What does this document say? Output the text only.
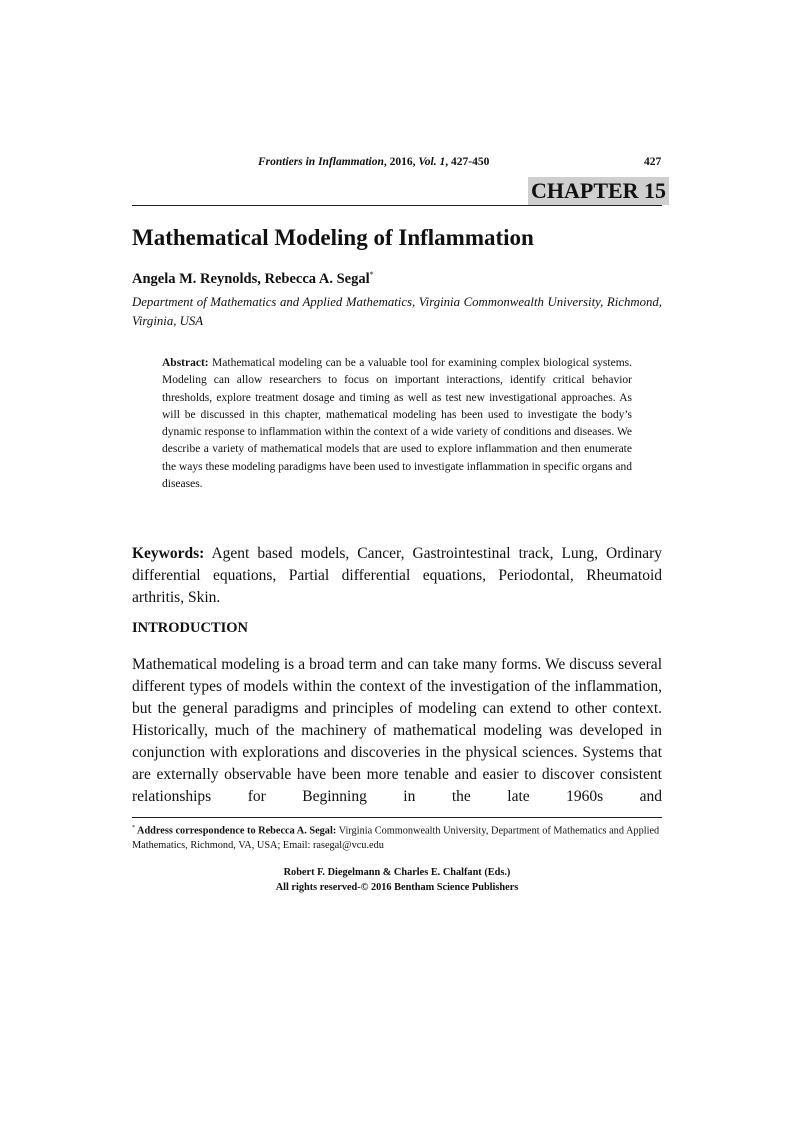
Frontiers in Inflammation, 2016, Vol. 1, 427-450	427
CHAPTER 15
Mathematical Modeling of Inflammation
Angela M. Reynolds, Rebecca A. Segal*
Department of Mathematics and Applied Mathematics, Virginia Commonwealth University, Richmond, Virginia, USA
Abstract: Mathematical modeling can be a valuable tool for examining complex biological systems. Modeling can allow researchers to focus on important interactions, identify critical behavior thresholds, explore treatment dosage and timing as well as test new investigational approaches. As will be discussed in this chapter, mathematical modeling has been used to investigate the body’s dynamic response to inflammation within the context of a wide variety of conditions and diseases. We describe a variety of mathematical models that are used to explore inflammation and then enumerate the ways these modeling paradigms have been used to investigate inflammation in specific organs and diseases.
Keywords: Agent based models, Cancer, Gastrointestinal track, Lung, Ordinary differential equations, Partial differential equations, Periodontal, Rheumatoid arthritis, Skin.
INTRODUCTION
Mathematical modeling is a broad term and can take many forms. We discuss several different types of models within the context of the investigation of the inflammation, but the general paradigms and principles of modeling can extend to other context. Historically, much of the machinery of mathematical modeling was developed in conjunction with explorations and discoveries in the physical sciences. Systems that are externally observable have been more tenable and easier to discover consistent relationships for Beginning in the late 1960s and
* Address correspondence to Rebecca A. Segal: Virginia Commonwealth University, Department of Mathematics and Applied Mathematics, Richmond, VA, USA; Email: rasegal@vcu.edu
Robert F. Diegelmann & Charles E. Chalfant (Eds.)
All rights reserved-© 2016 Bentham Science Publishers
